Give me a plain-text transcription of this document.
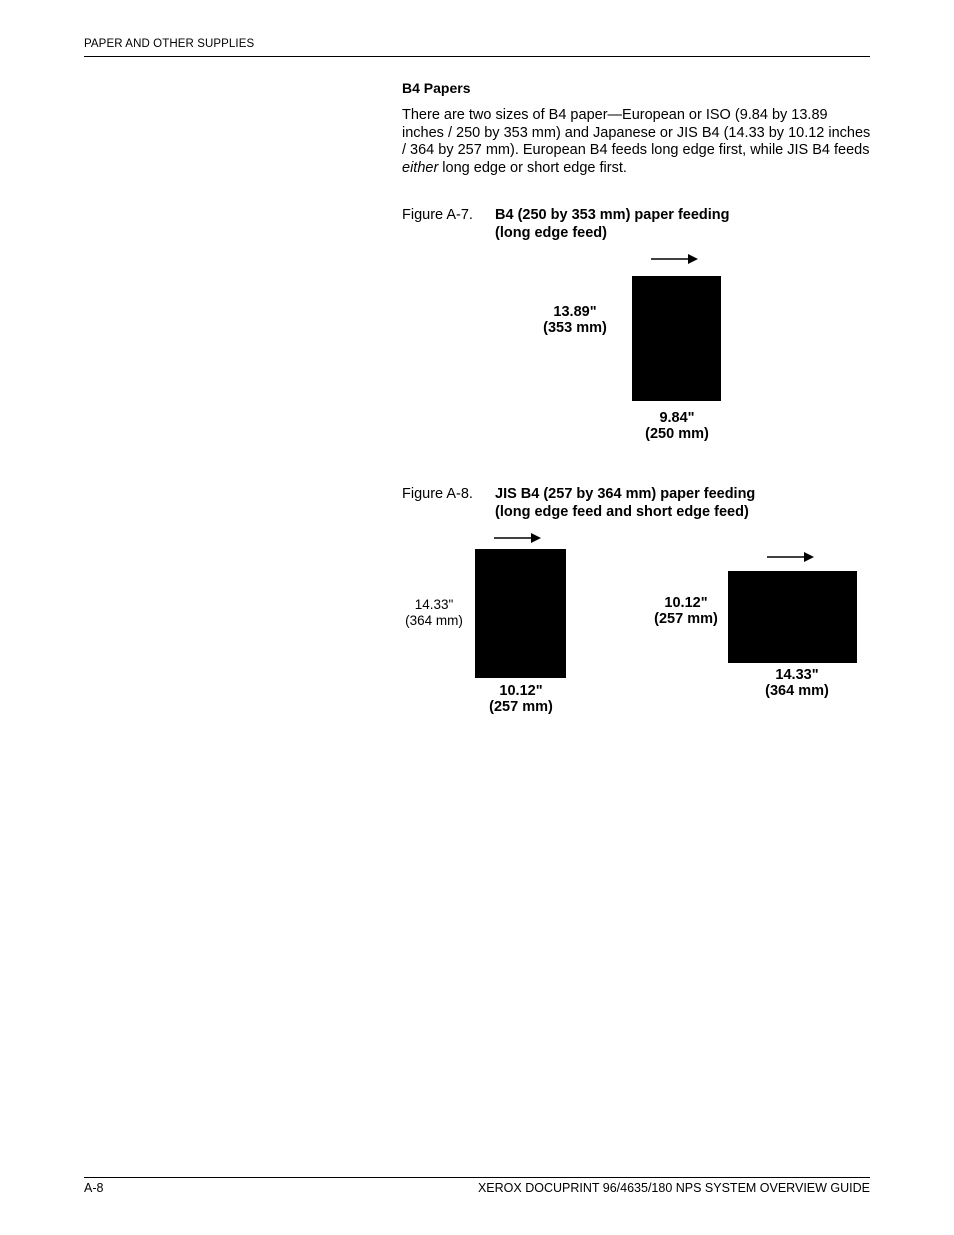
PAPER AND OTHER SUPPLIES
B4 Papers

There are two sizes of B4 paper—European or ISO (9.84 by 13.89 inches / 250 by 353 mm) and Japanese or JIS B4 (14.33 by 10.12 inches / 364 by 257 mm). European B4 feeds long edge first, while JIS B4 feeds either long edge or short edge first.

Figure A-7. B4 (250 by 353 mm) paper feeding
(long edge feed)
13.89"
(353 mm)
9.84"
(250 mm)
Figure A-8. JIS B4 (257 by 364 mm) paper feeding
(long edge feed and short edge feed)
14.33"
(364 mm)
10.12"
(257 mm)
10.12"
(257 mm)
14.33"
(364 mm)
A-8	XEROX DOCUPRINT 96/4635/180 NPS SYSTEM OVERVIEW GUIDE
